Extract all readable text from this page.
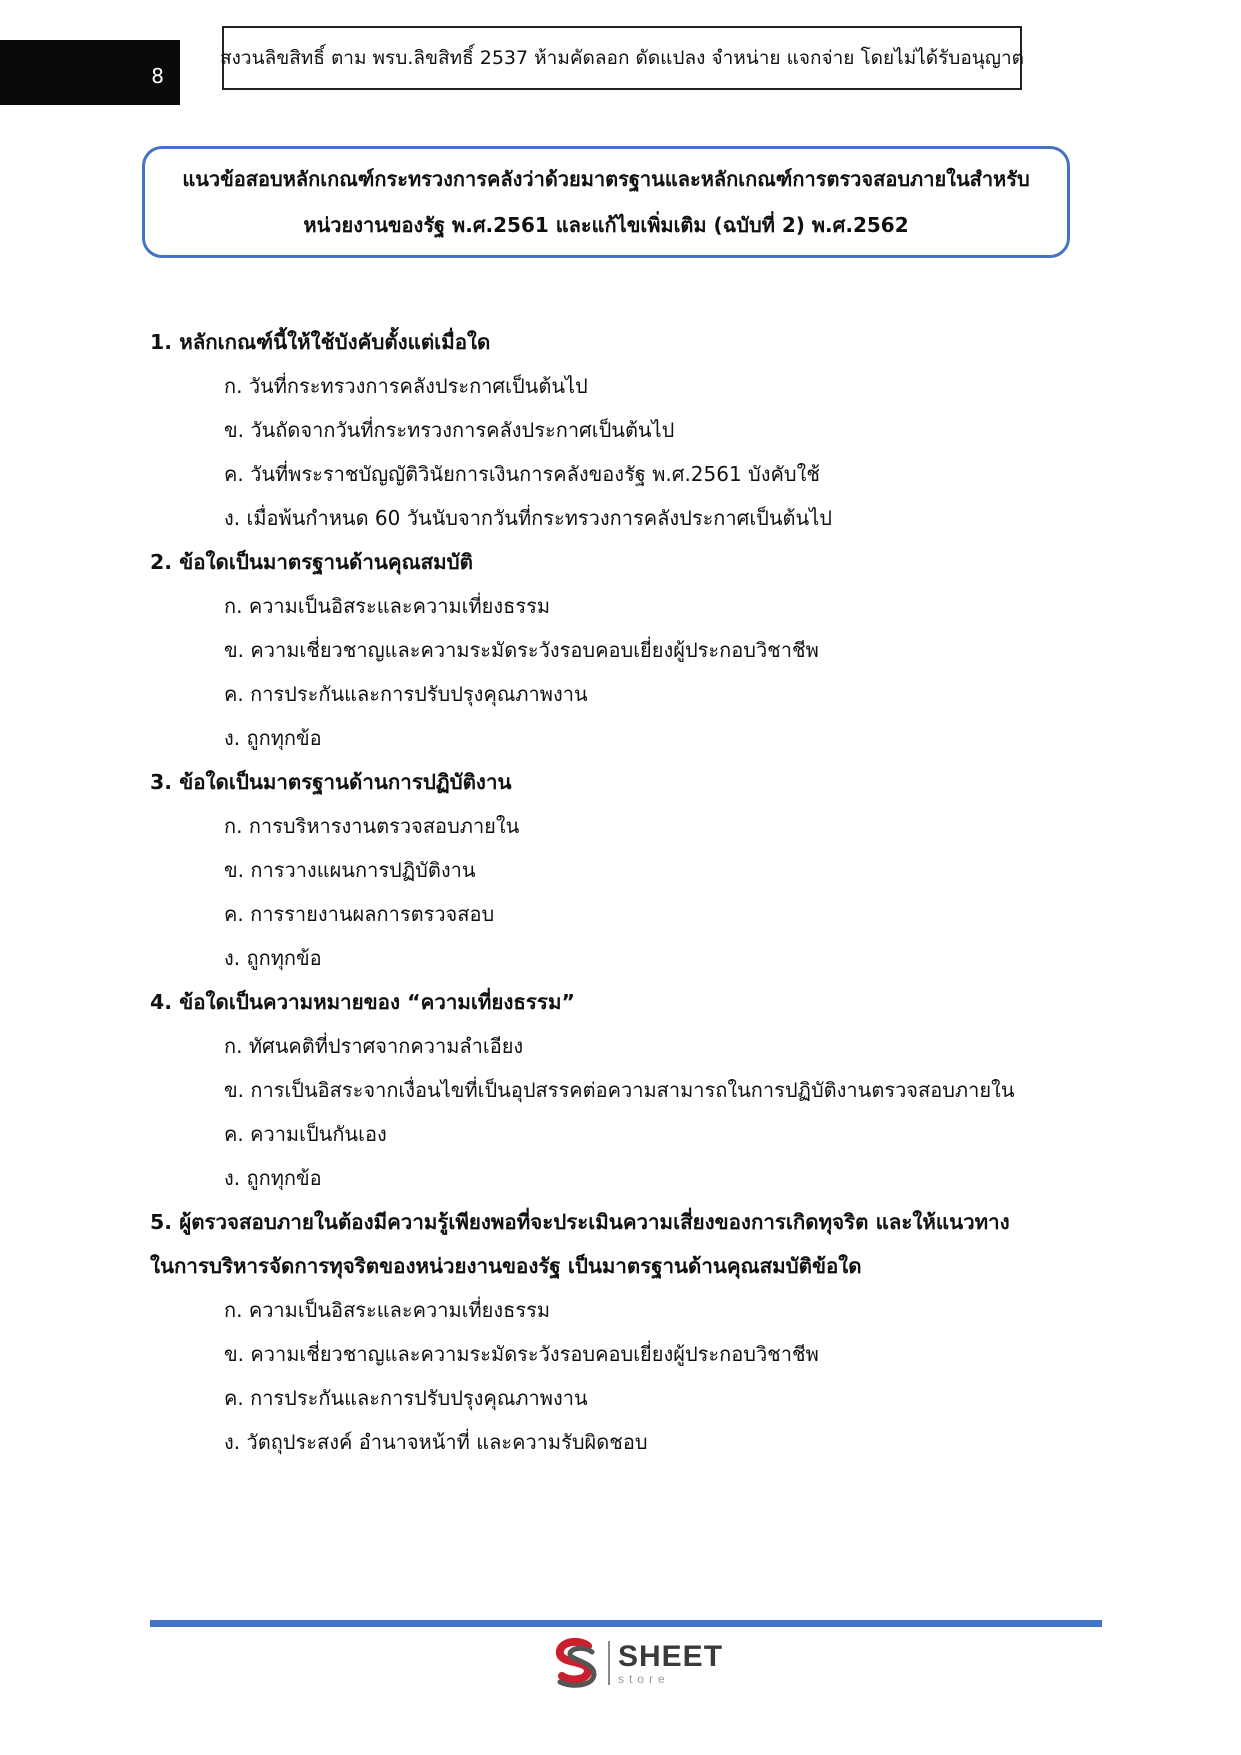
8
สงวนลิขสิทธิ์ ตาม พรบ.ลิขสิทธิ์ 2537 ห้ามคัดลอก ดัดแปลง จำหน่าย แจกจ่าย โดยไม่ได้รับอนุญาต
แนวข้อสอบหลักเกณฑ์กระทรวงการคลังว่าด้วยมาตรฐานและหลักเกณฑ์การตรวจสอบภายในสำหรับ
หน่วยงานของรัฐ พ.ศ.2561 และแก้ไขเพิ่มเติม (ฉบับที่ 2) พ.ศ.2562

1. หลักเกณฑ์นี้ให้ใช้บังคับตั้งแต่เมื่อใด

ก. วันที่กระทรวงการคลังประกาศเป็นต้นไป
ข. วันถัดจากวันที่กระทรวงการคลังประกาศเป็นต้นไป
ค. วันที่พระราชบัญญัติวินัยการเงินการคลังของรัฐ พ.ศ.2561 บังคับใช้
ง. เมื่อพ้นกำหนด 60 วันนับจากวันที่กระทรวงการคลังประกาศเป็นต้นไป

2. ข้อใดเป็นมาตรฐานด้านคุณสมบัติ

ก. ความเป็นอิสระและความเที่ยงธรรม
ข. ความเชี่ยวชาญและความระมัดระวังรอบคอบเยี่ยงผู้ประกอบวิชาชีพ
ค. การประกันและการปรับปรุงคุณภาพงาน
ง. ถูกทุกข้อ

3. ข้อใดเป็นมาตรฐานด้านการปฏิบัติงาน

ก. การบริหารงานตรวจสอบภายใน
ข. การวางแผนการปฏิบัติงาน
ค. การรายงานผลการตรวจสอบ
ง. ถูกทุกข้อ

4. ข้อใดเป็นความหมายของ “ความเที่ยงธรรม”

ก. ทัศนคติที่ปราศจากความลำเอียง
ข. การเป็นอิสระจากเงื่อนไขที่เป็นอุปสรรคต่อความสามารถในการปฏิบัติงานตรวจสอบภายใน
ค. ความเป็นกันเอง
ง. ถูกทุกข้อ

5. ผู้ตรวจสอบภายในต้องมีความรู้เพียงพอที่จะประเมินความเสี่ยงของการเกิดทุจริต และให้แนวทาง

ในการบริหารจัดการทุจริตของหน่วยงานของรัฐ เป็นมาตรฐานด้านคุณสมบัติข้อใด

ก. ความเป็นอิสระและความเที่ยงธรรม
ข. ความเชี่ยวชาญและความระมัดระวังรอบคอบเยี่ยงผู้ประกอบวิชาชีพ
ค. การประกันและการปรับปรุงคุณภาพงาน
ง. วัตถุประสงค์ อำนาจหน้าที่ และความรับผิดชอบ
SHEET
store
